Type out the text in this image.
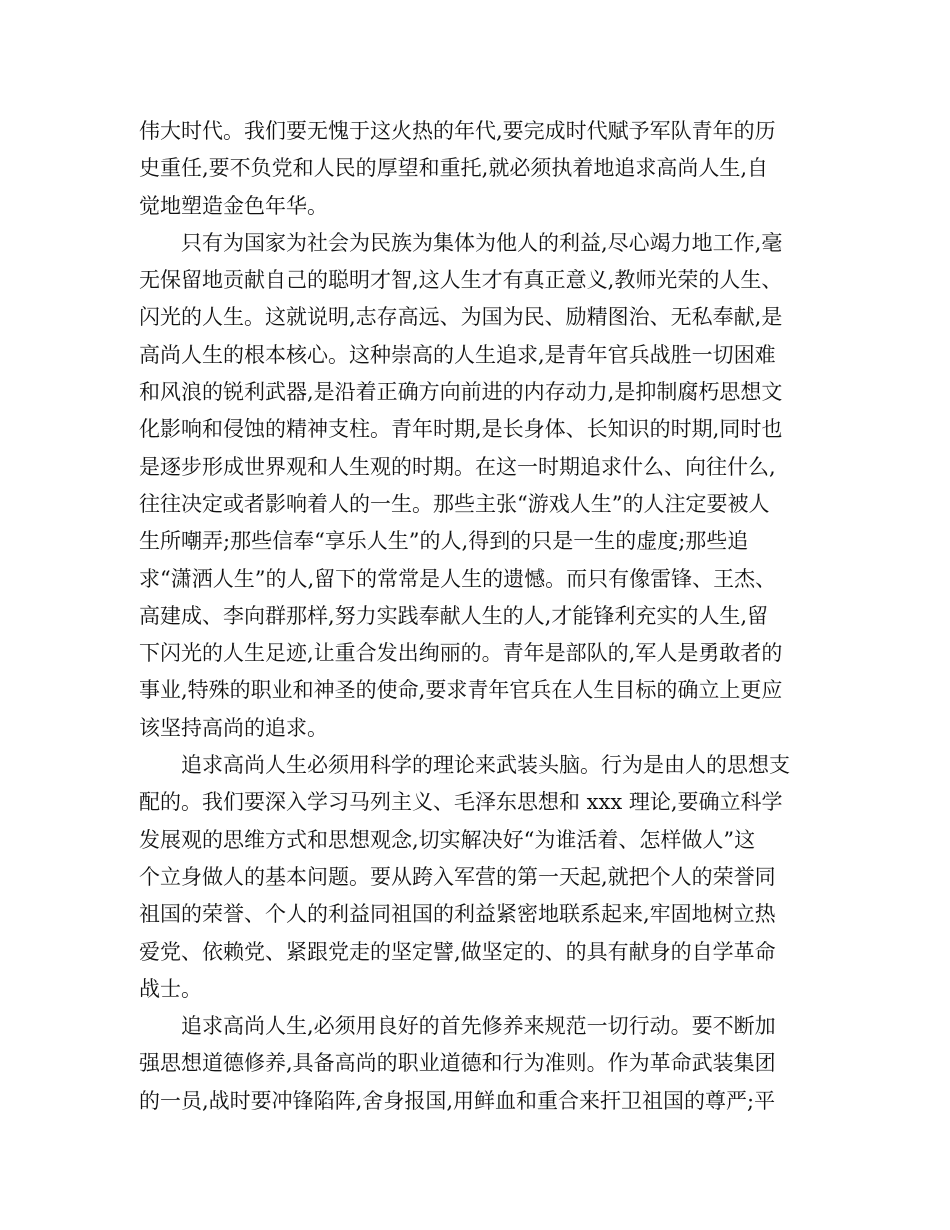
伟大时代。我们要无愧于这火热的年代,要完成时代赋予军队青年的历
史重任,要不负党和人民的厚望和重托,就必须执着地追求高尚人生,自
觉地塑造金色年华。
只有为国家为社会为民族为集体为他人的利益,尽心竭力地工作,毫
无保留地贡献自己的聪明才智,这人生才有真正意义,教师光荣的人生、
闪光的人生。这就说明,志存高远、为国为民、励精图治、无私奉献,是
高尚人生的根本核心。这种崇高的人生追求,是青年官兵战胜一切困难
和风浪的锐利武器,是沿着正确方向前进的内存动力,是抑制腐朽思想文
化影响和侵蚀的精神支柱。青年时期,是长身体、长知识的时期,同时也
是逐步形成世界观和人生观的时期。在这一时期追求什么、向往什么,
往往决定或者影响着人的一生。那些主张“游戏人生”的人注定要被人
生所嘲弄;那些信奉“享乐人生”的人,得到的只是一生的虚度;那些追
求“潇洒人生”的人,留下的常常是人生的遗憾。而只有像雷锋、王杰、
高建成、李向群那样,努力实践奉献人生的人,才能锋利充实的人生,留
下闪光的人生足迹,让重合发出绚丽的。青年是部队的,军人是勇敢者的
事业,特殊的职业和神圣的使命,要求青年官兵在人生目标的确立上更应
该坚持高尚的追求。
追求高尚人生必须用科学的理论来武装头脑。行为是由人的思想支
配的。我们要深入学习马列主义、毛泽东思想和 xxx 理论,要确立科学
发展观的思维方式和思想观念,切实解决好“为谁活着、怎样做人”这
个立身做人的基本问题。要从跨入军营的第一天起,就把个人的荣誉同
祖国的荣誉、个人的利益同祖国的利益紧密地联系起来,牢固地树立热
爱党、依赖党、紧跟党走的坚定譬,做坚定的、的具有献身的自学革命
战士。
追求高尚人生,必须用良好的首先修养来规范一切行动。要不断加
强思想道德修养,具备高尚的职业道德和行为准则。作为革命武装集团
的一员,战时要冲锋陷阵,舍身报国,用鲜血和重合来扞卫祖国的尊严;平
